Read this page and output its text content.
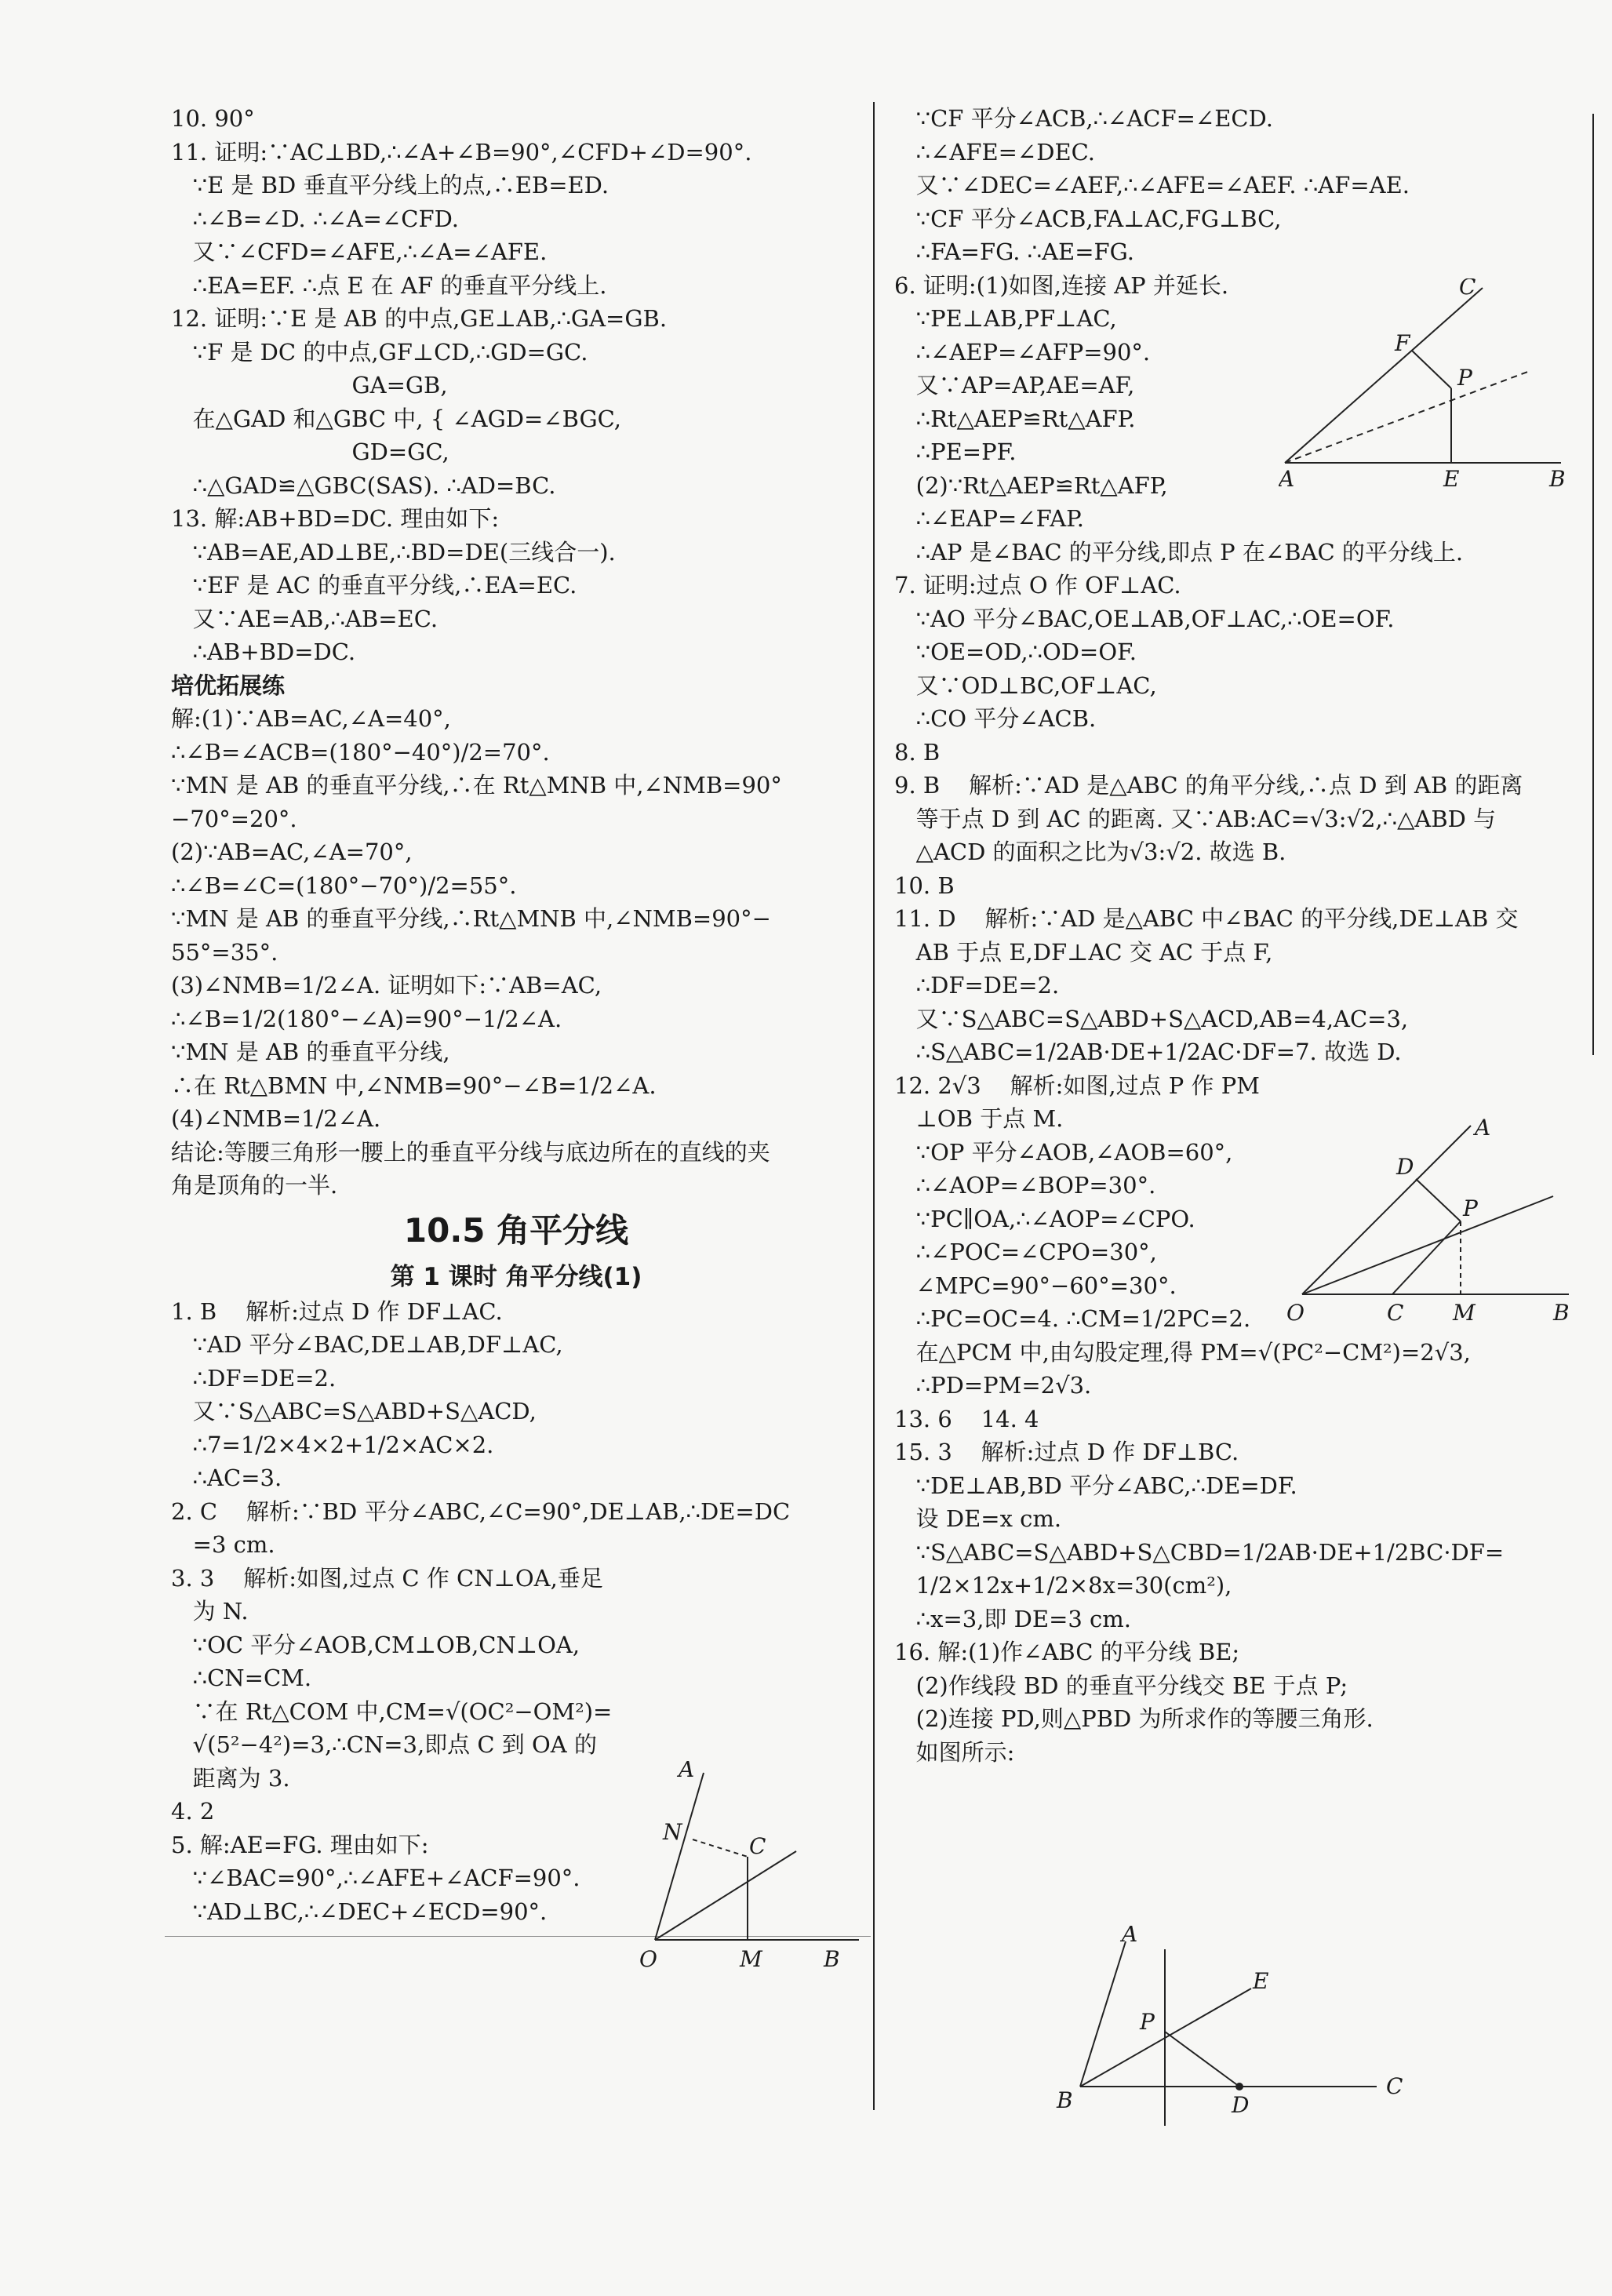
10. 90°
11. 证明:∵AC⊥BD,∴∠A+∠B=90°,∠CFD+∠D=90°.
∵E 是 BD 垂直平分线上的点,∴EB=ED.
∴∠B=∠D. ∴∠A=∠CFD.
又∵∠CFD=∠AFE,∴∠A=∠AFE.
∴EA=EF. ∴点 E 在 AF 的垂直平分线上.
12. 证明:∵E 是 AB 的中点,GE⊥AB,∴GA=GB.
∵F 是 DC 的中点,GF⊥CD,∴GD=GC.
GA=GB,
在△GAD 和△GBC 中, { ∠AGD=∠BGC,
GD=GC,
∴△GAD≌△GBC(SAS). ∴AD=BC.
13. 解:AB+BD=DC. 理由如下:
∵AB=AE,AD⊥BE,∴BD=DE(三线合一).
∵EF 是 AC 的垂直平分线,∴EA=EC.
又∵AE=AB,∴AB=EC.
∴AB+BD=DC.
培优拓展练
解:(1)∵AB=AC,∠A=40°,
∴∠B=∠ACB=(180°−40°)/2=70°.
∵MN 是 AB 的垂直平分线,∴在 Rt△MNB 中,∠NMB=90°
−70°=20°.
(2)∵AB=AC,∠A=70°,
∴∠B=∠C=(180°−70°)/2=55°.
∵MN 是 AB 的垂直平分线,∴Rt△MNB 中,∠NMB=90°−
55°=35°.
(3)∠NMB=1/2∠A. 证明如下:∵AB=AC,
∴∠B=1/2(180°−∠A)=90°−1/2∠A.
∵MN 是 AB 的垂直平分线,
∴在 Rt△BMN 中,∠NMB=90°−∠B=1/2∠A.
(4)∠NMB=1/2∠A.
结论:等腰三角形一腰上的垂直平分线与底边所在的直线的夹
角是顶角的一半.
10.5 角平分线
第 1 课时 角平分线(1)
1. B    解析:过点 D 作 DF⊥AC.
∵AD 平分∠BAC,DE⊥AB,DF⊥AC,
∴DF=DE=2.
又∵S△ABC=S△ABD+S△ACD,
∴7=1/2×4×2+1/2×AC×2.
∴AC=3.
2. C    解析:∵BD 平分∠ABC,∠C=90°,DE⊥AB,∴DE=DC
=3 cm.
3. 3    解析:如图,过点 C 作 CN⊥OA,垂足
为 N.
∵OC 平分∠AOB,CM⊥OB,CN⊥OA,
∴CN=CM.
∵在 Rt△COM 中,CM=√(OC²−OM²)=
√(5²−4²)=3,∴CN=3,即点 C 到 OA 的
距离为 3.
4. 2
5. 解:AE=FG. 理由如下:
∵∠BAC=90°,∴∠AFE+∠ACF=90°.
∵AD⊥BC,∴∠DEC+∠ECD=90°.
∵CF 平分∠ACB,∴∠ACF=∠ECD.
∴∠AFE=∠DEC.
又∵∠DEC=∠AEF,∴∠AFE=∠AEF. ∴AF=AE.
∵CF 平分∠ACB,FA⊥AC,FG⊥BC,
∴FA=FG. ∴AE=FG.
6. 证明:(1)如图,连接 AP 并延长.
∵PE⊥AB,PF⊥AC,
∴∠AEP=∠AFP=90°.
又∵AP=AP,AE=AF,
∴Rt△AEP≌Rt△AFP.
∴PE=PF.
(2)∵Rt△AEP≌Rt△AFP,
∴∠EAP=∠FAP.
∴AP 是∠BAC 的平分线,即点 P 在∠BAC 的平分线上.
7. 证明:过点 O 作 OF⊥AC.
∵AO 平分∠BAC,OE⊥AB,OF⊥AC,∴OE=OF.
∵OE=OD,∴OD=OF.
又∵OD⊥BC,OF⊥AC,
∴CO 平分∠ACB.
8. B
9. B    解析:∵AD 是△ABC 的角平分线,∴点 D 到 AB 的距离
等于点 D 到 AC 的距离. 又∵AB:AC=√3:√2,∴△ABD 与
△ACD 的面积之比为√3:√2. 故选 B.
10. B
11. D    解析:∵AD 是△ABC 中∠BAC 的平分线,DE⊥AB 交
AB 于点 E,DF⊥AC 交 AC 于点 F,
∴DF=DE=2.
又∵S△ABC=S△ABD+S△ACD,AB=4,AC=3,
∴S△ABC=1/2AB·DE+1/2AC·DF=7. 故选 D.
12. 2√3    解析:如图,过点 P 作 PM
⊥OB 于点 M.
∵OP 平分∠AOB,∠AOB=60°,
∴∠AOP=∠BOP=30°.
∵PC∥OA,∴∠AOP=∠CPO.
∴∠POC=∠CPO=30°,
∠MPC=90°−60°=30°.
∴PC=OC=4. ∴CM=1/2PC=2.
在△PCM 中,由勾股定理,得 PM=√(PC²−CM²)=2√3,
∴PD=PM=2√3.
13. 6    14. 4
15. 3    解析:过点 D 作 DF⊥BC.
∵DE⊥AB,BD 平分∠ABC,∴DE=DF.
设 DE=x cm.
∵S△ABC=S△ABD+S△CBD=1/2AB·DE+1/2BC·DF=
1/2×12x+1/2×8x=30(cm²),
∴x=3,即 DE=3 cm.
16. 解:(1)作∠ABC 的平分线 BE;
(2)作线段 BD 的垂直平分线交 BE 于点 P;
(2)连接 PD,则△PBD 为所求作的等腰三角形.
如图所示:
C
F
P
A	E	B
A
N
C
O	M	B
A
D
P
O	C M	B
A
E
P
B	D
C
